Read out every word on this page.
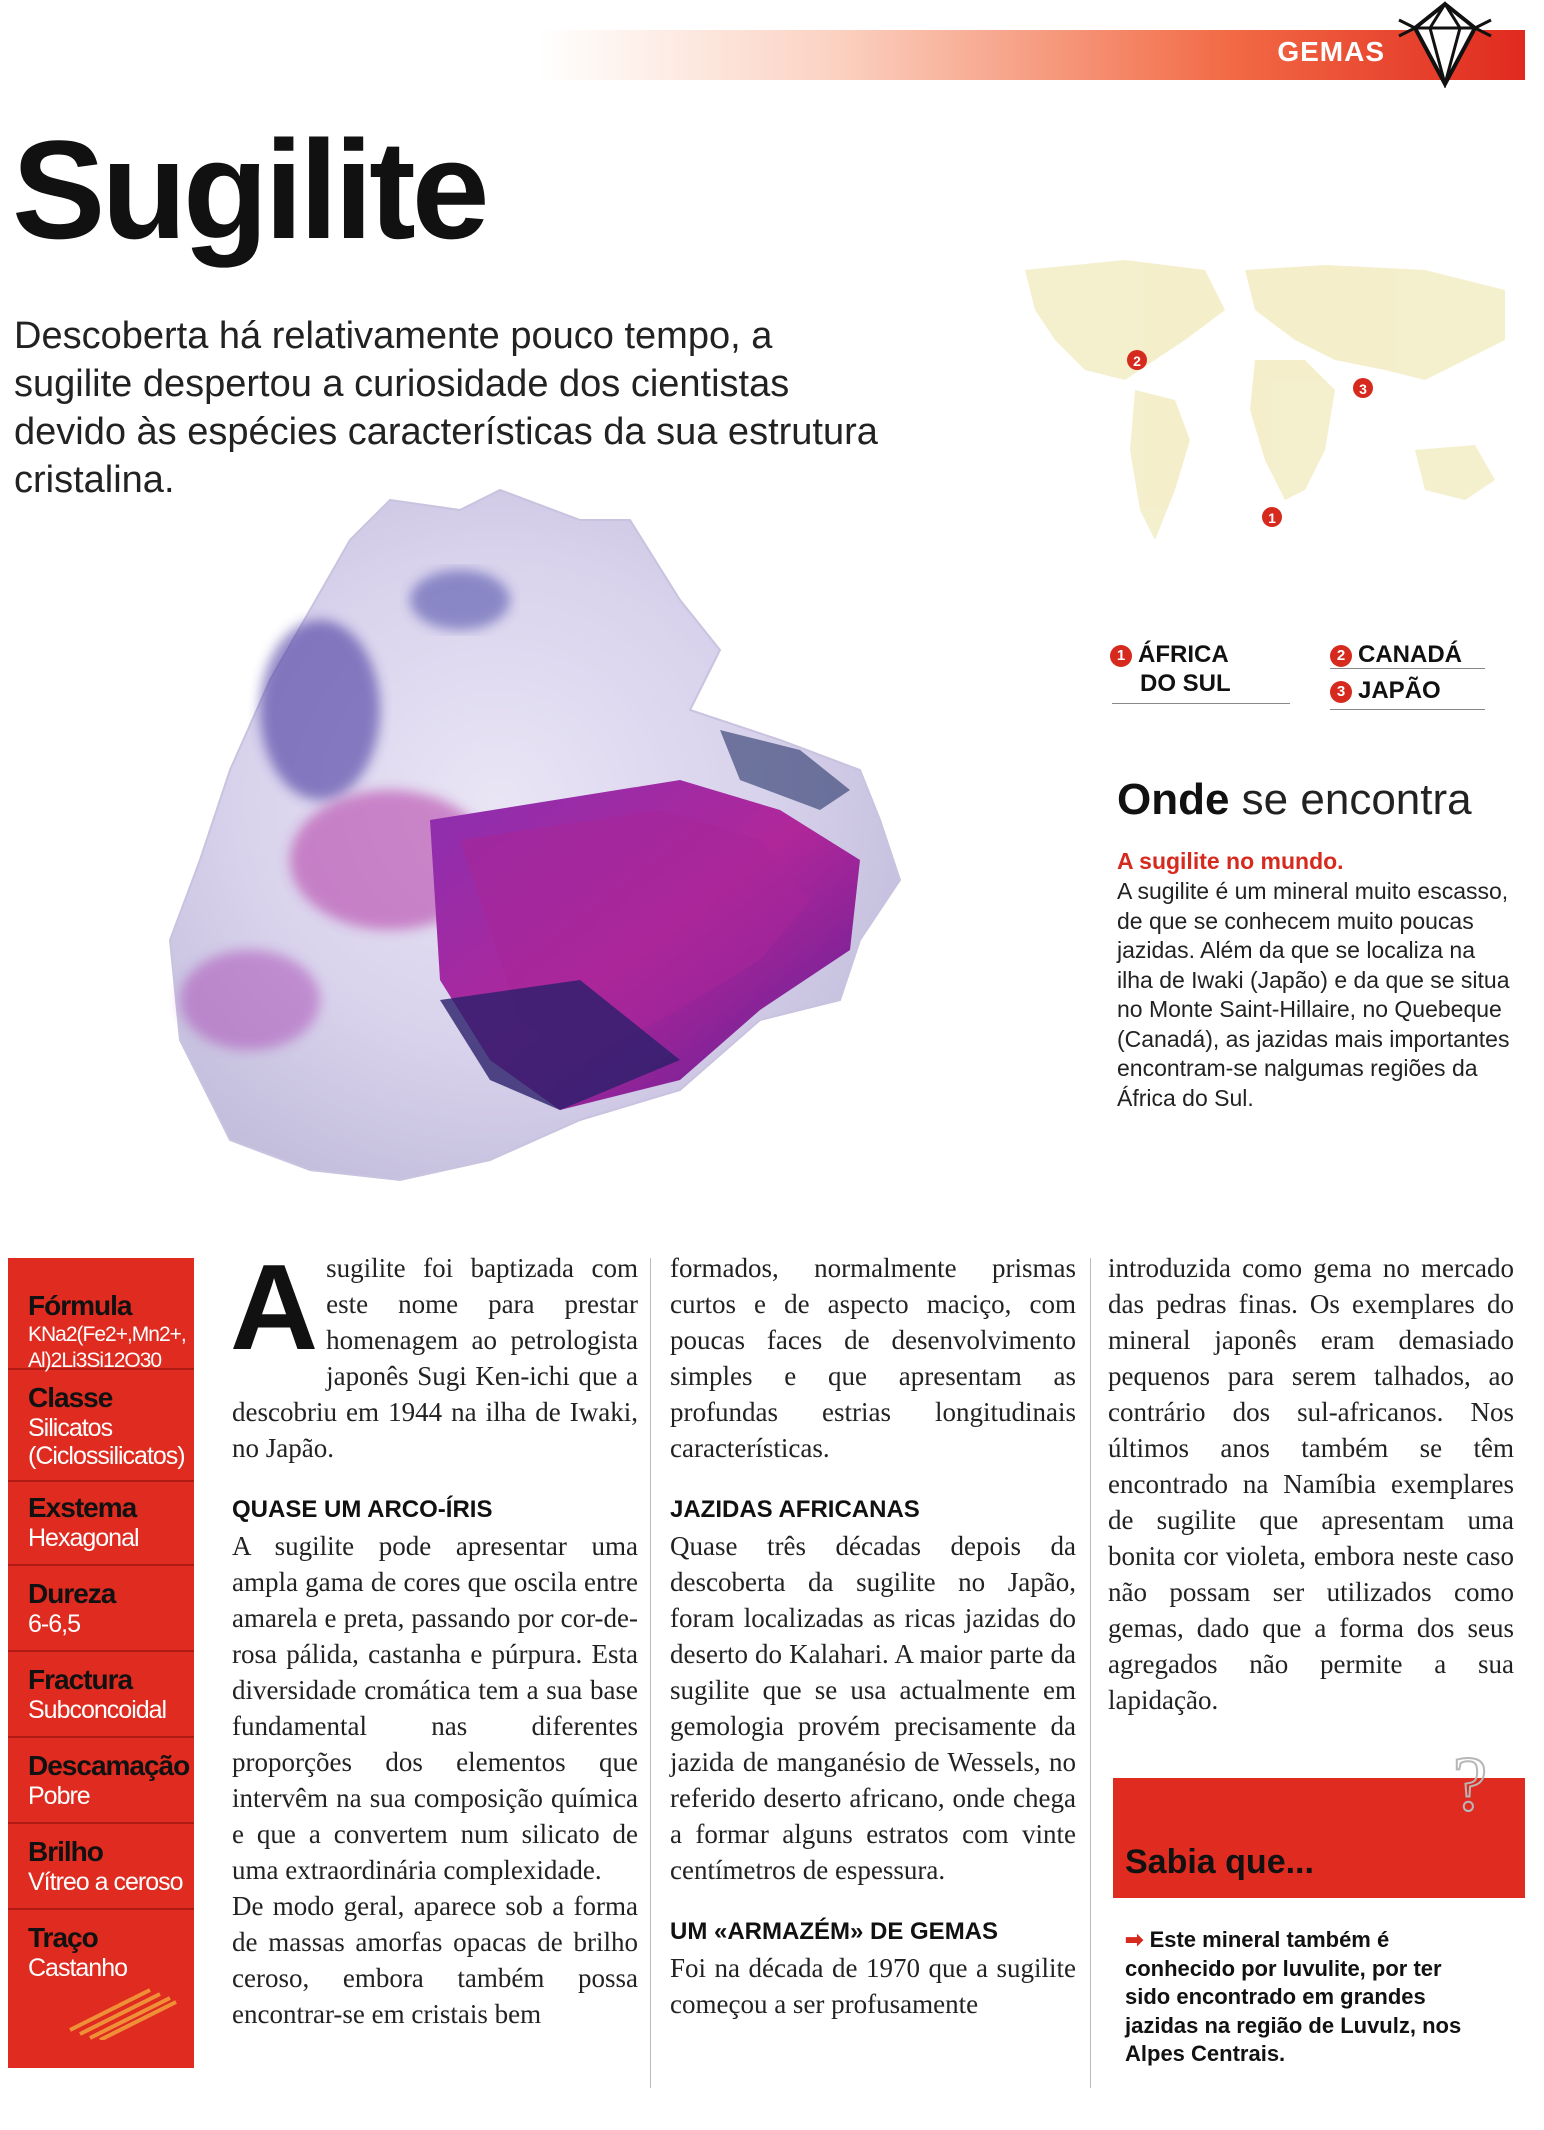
GEMAS
Sugilite
Descoberta há relativamente pouco tempo, a sugilite despertou a curiosidade dos cientistas devido às espécies características da sua estrutura cristalina.
2
3
1
1 ÁFRICA
DO SUL
2 CANADÁ
3 JAPÃO
Onde se encontra
A sugilite no mundo.
A sugilite é um mineral muito escasso, de que se conhecem muito poucas jazidas. Além da que se localiza na ilha de Iwaki (Japão) e da que se situa no Monte Saint-Hillaire, no Quebeque (Canadá), as jazidas mais importantes encontram-se nalgumas regiões da África do Sul.
Fórmula
KNa2(Fe2+,Mn2+, Al)2Li3Si12O30
Classe
Silicatos (Ciclossilicatos)
Exstema
Hexagonal
Dureza
6-6,5
Fractura
Subconcoidal
Descamação
Pobre
Brilho
Vítreo a ceroso
Traço
Castanho

Asugilite foi baptizada com este nome para prestar homenagem ao petrologista japonês Sugi Ken-ichi que a descobriu em 1944 na ilha de Iwaki, no Japão.

QUASE UM ARCO-ÍRIS

A sugilite pode apresentar uma ampla gama de cores que oscila entre amarela e preta, passando por cor-de-rosa pálida, castanha e púrpura. Esta diversidade cromática tem a sua base fundamental nas diferentes proporções dos elementos que intervêm na sua composição química e que a convertem num silicato de uma extraordinária complexidade.

De modo geral, aparece sob a forma de massas amorfas opacas de brilho ceroso, embora também possa encontrar-se em cristais bem

formados, normalmente prismas curtos e de aspecto maciço, com poucas faces de desenvolvimento simples e que apresentam as profundas estrias longitudinais características.

JAZIDAS AFRICANAS

Quase três décadas depois da descoberta da sugilite no Japão, foram localizadas as ricas jazidas do deserto do Kalahari. A maior parte da sugilite que se usa actualmente em gemologia provém precisamente da jazida de manganésio de Wessels, no referido deserto africano, onde chega a formar alguns estratos com vinte centímetros de espessura.

UM «ARMAZÉM» DE GEMAS

Foi na década de 1970 que a sugilite começou a ser profusamente

introduzida como gema no mercado das pedras finas. Os exemplares do mineral japonês eram demasiado pequenos para serem talhados, ao contrário dos sul-africanos. Nos últimos anos também se têm encontrado na Namíbia exemplares de sugilite que apresentam uma bonita cor violeta, embora neste caso não possam ser utilizados como gemas, dado que a forma dos seus agregados não permite a sua lapidação.

?
Sabia que...
➡ Este mineral também é conhecido por luvulite, por ter sido encontrado em grandes jazidas na região de Luvulz, nos Alpes Centrais.
